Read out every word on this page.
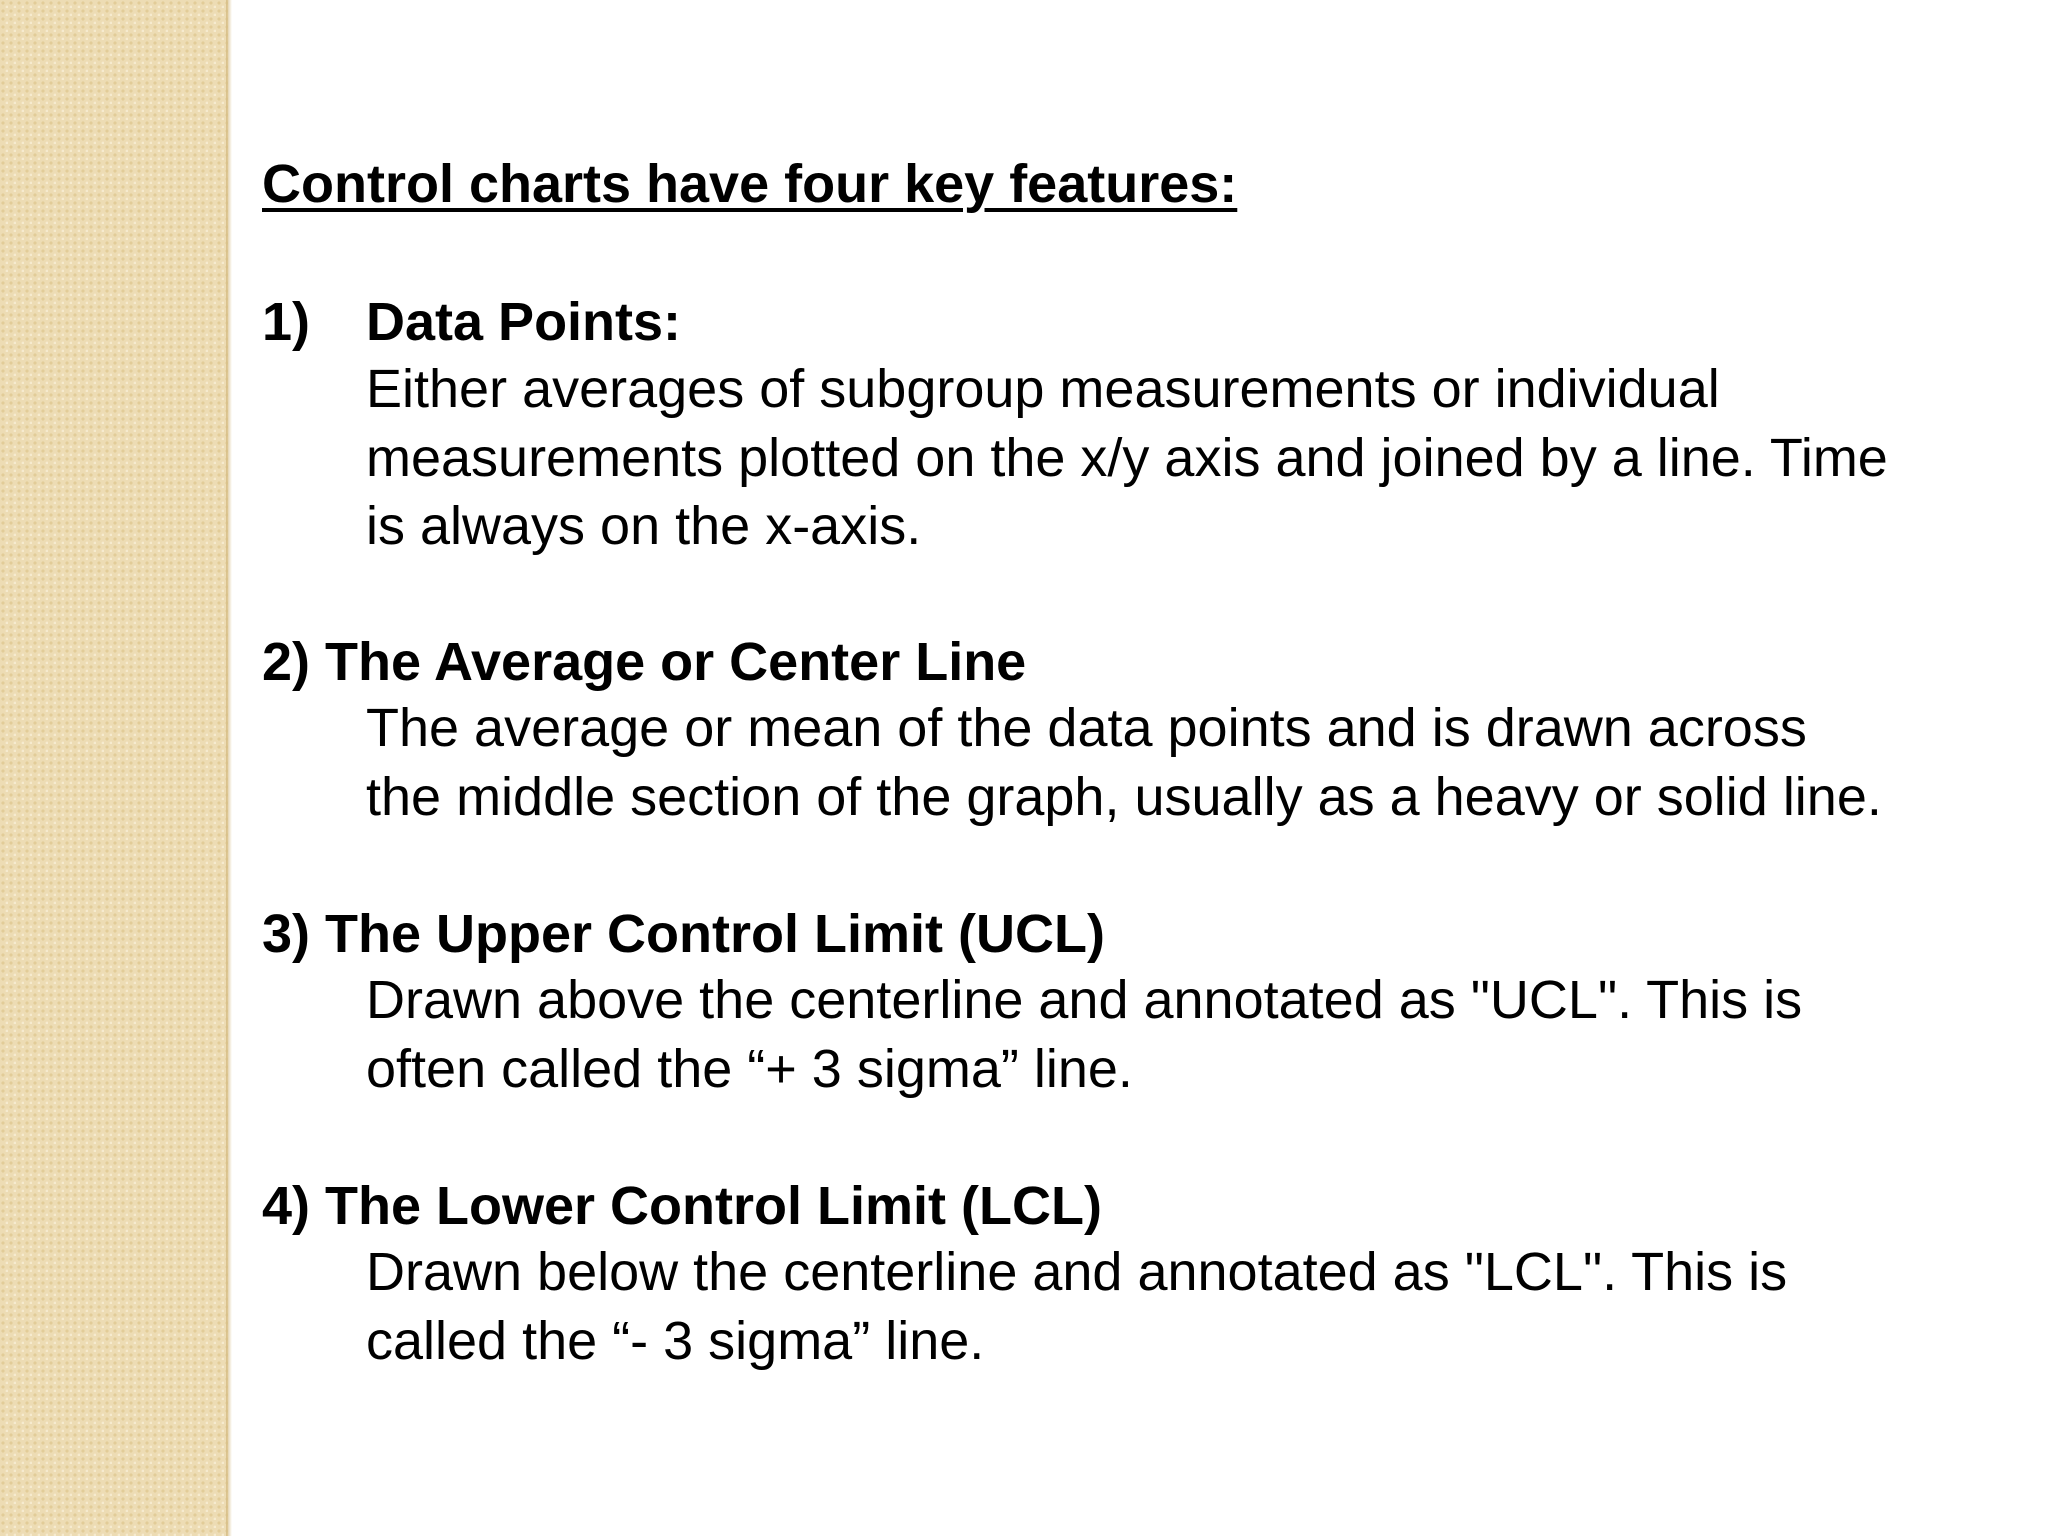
Control charts have four key features:
1) Data Points:
Either averages of subgroup measurements or individual
measurements plotted on the x/y axis and joined by a line. Time
is always on the x-axis.
2) The Average or Center Line
The average or mean of the data points and is drawn across
the middle section of the graph, usually as a heavy or solid line.
3) The Upper Control Limit (UCL)
Drawn above the centerline and annotated as "UCL". This is
often called the “+ 3 sigma” line.
4) The Lower Control Limit (LCL)
Drawn below the centerline and annotated as "LCL". This is
called the “- 3 sigma” line.
